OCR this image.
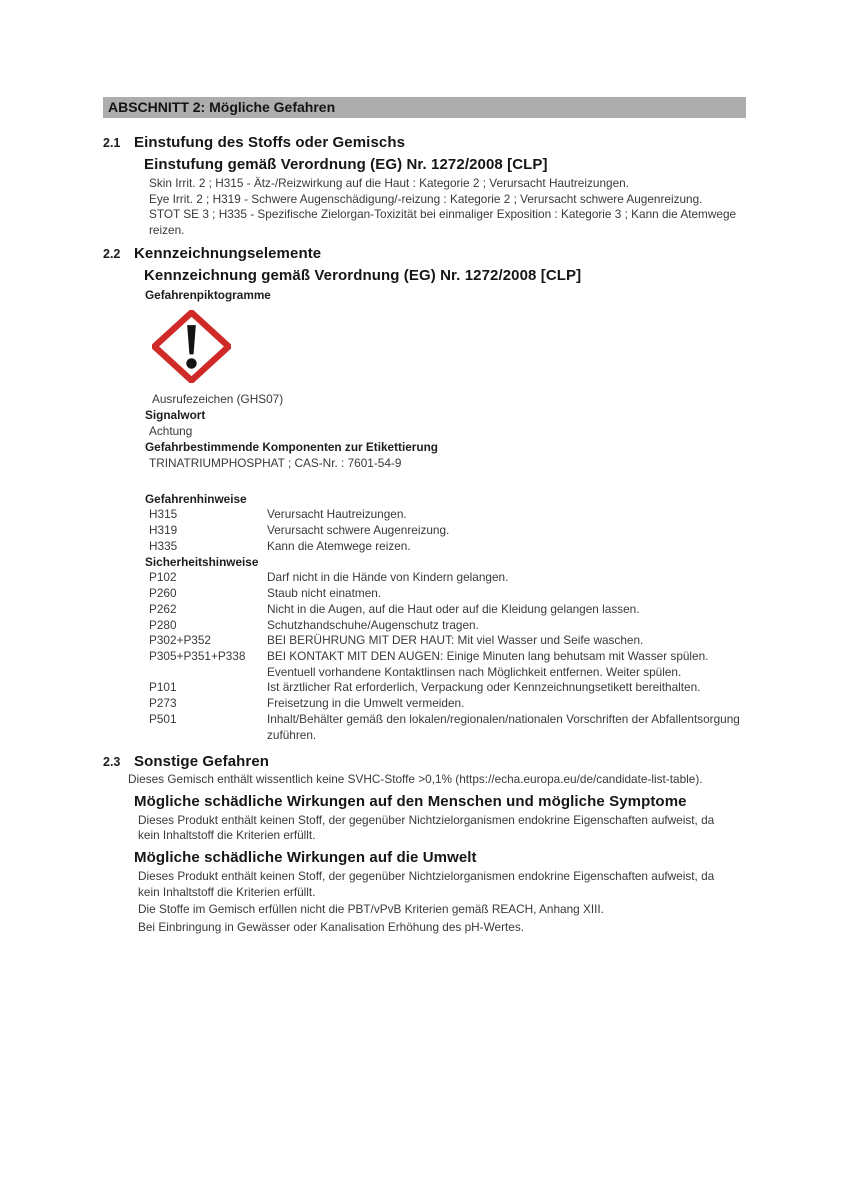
ABSCHNITT 2: Mögliche Gefahren
2.1 Einstufung des Stoffs oder Gemischs
Einstufung gemäß Verordnung (EG) Nr. 1272/2008 [CLP]
Skin Irrit. 2 ; H315 - Ätz-/Reizwirkung auf die Haut : Kategorie 2 ; Verursacht Hautreizungen.
Eye Irrit. 2 ; H319 - Schwere Augenschädigung/-reizung : Kategorie 2 ; Verursacht schwere Augenreizung.
STOT SE 3 ; H335 - Spezifische Zielorgan-Toxizität bei einmaliger Exposition : Kategorie 3 ; Kann die Atemwege reizen.
2.2 Kennzeichnungselemente
Kennzeichnung gemäß Verordnung (EG) Nr. 1272/2008 [CLP]
Gefahrenpiktogramme
Ausrufezeichen (GHS07)
Signalwort
Achtung
Gefahrbestimmende Komponenten zur Etikettierung
TRINATRIUMPHOSPHAT ; CAS-Nr. : 7601-54-9
Gefahrenhinweise
H315	Verursacht Hautreizungen.
H319	Verursacht schwere Augenreizung.
H335	Kann die Atemwege reizen.
Sicherheitshinweise
P102	Darf nicht in die Hände von Kindern gelangen.
P260	Staub nicht einatmen.
P262	Nicht in die Augen, auf die Haut oder auf die Kleidung gelangen lassen.
P280	Schutzhandschuhe/Augenschutz tragen.
P302+P352	BEI BERÜHRUNG MIT DER HAUT: Mit viel Wasser und Seife waschen.
P305+P351+P338	BEI KONTAKT MIT DEN AUGEN: Einige Minuten lang behutsam mit Wasser spülen. Eventuell vorhandene Kontaktlinsen nach Möglichkeit entfernen. Weiter spülen.
P101	Ist ärztlicher Rat erforderlich, Verpackung oder Kennzeichnungsetikett bereithalten.
P273	Freisetzung in die Umwelt vermeiden.
P501	Inhalt/Behälter gemäß den lokalen/regionalen/nationalen Vorschriften der Abfallentsorgung zuführen.
2.3 Sonstige Gefahren
Dieses Gemisch enthält wissentlich keine SVHC-Stoffe >0,1% (https://echa.europa.eu/de/candidate-list-table).
Mögliche schädliche Wirkungen auf den Menschen und mögliche Symptome
Dieses Produkt enthält keinen Stoff, der gegenüber Nichtzielorganismen endokrine Eigenschaften aufweist, da kein Inhaltstoff die Kriterien erfüllt.
Mögliche schädliche Wirkungen auf die Umwelt
Dieses Produkt enthält keinen Stoff, der gegenüber Nichtzielorganismen endokrine Eigenschaften aufweist, da kein Inhaltstoff die Kriterien erfüllt.
Die Stoffe im Gemisch erfüllen nicht die PBT/vPvB Kriterien gemäß REACH, Anhang XIII.
Bei Einbringung in Gewässer oder Kanalisation Erhöhung des pH-Wertes.
